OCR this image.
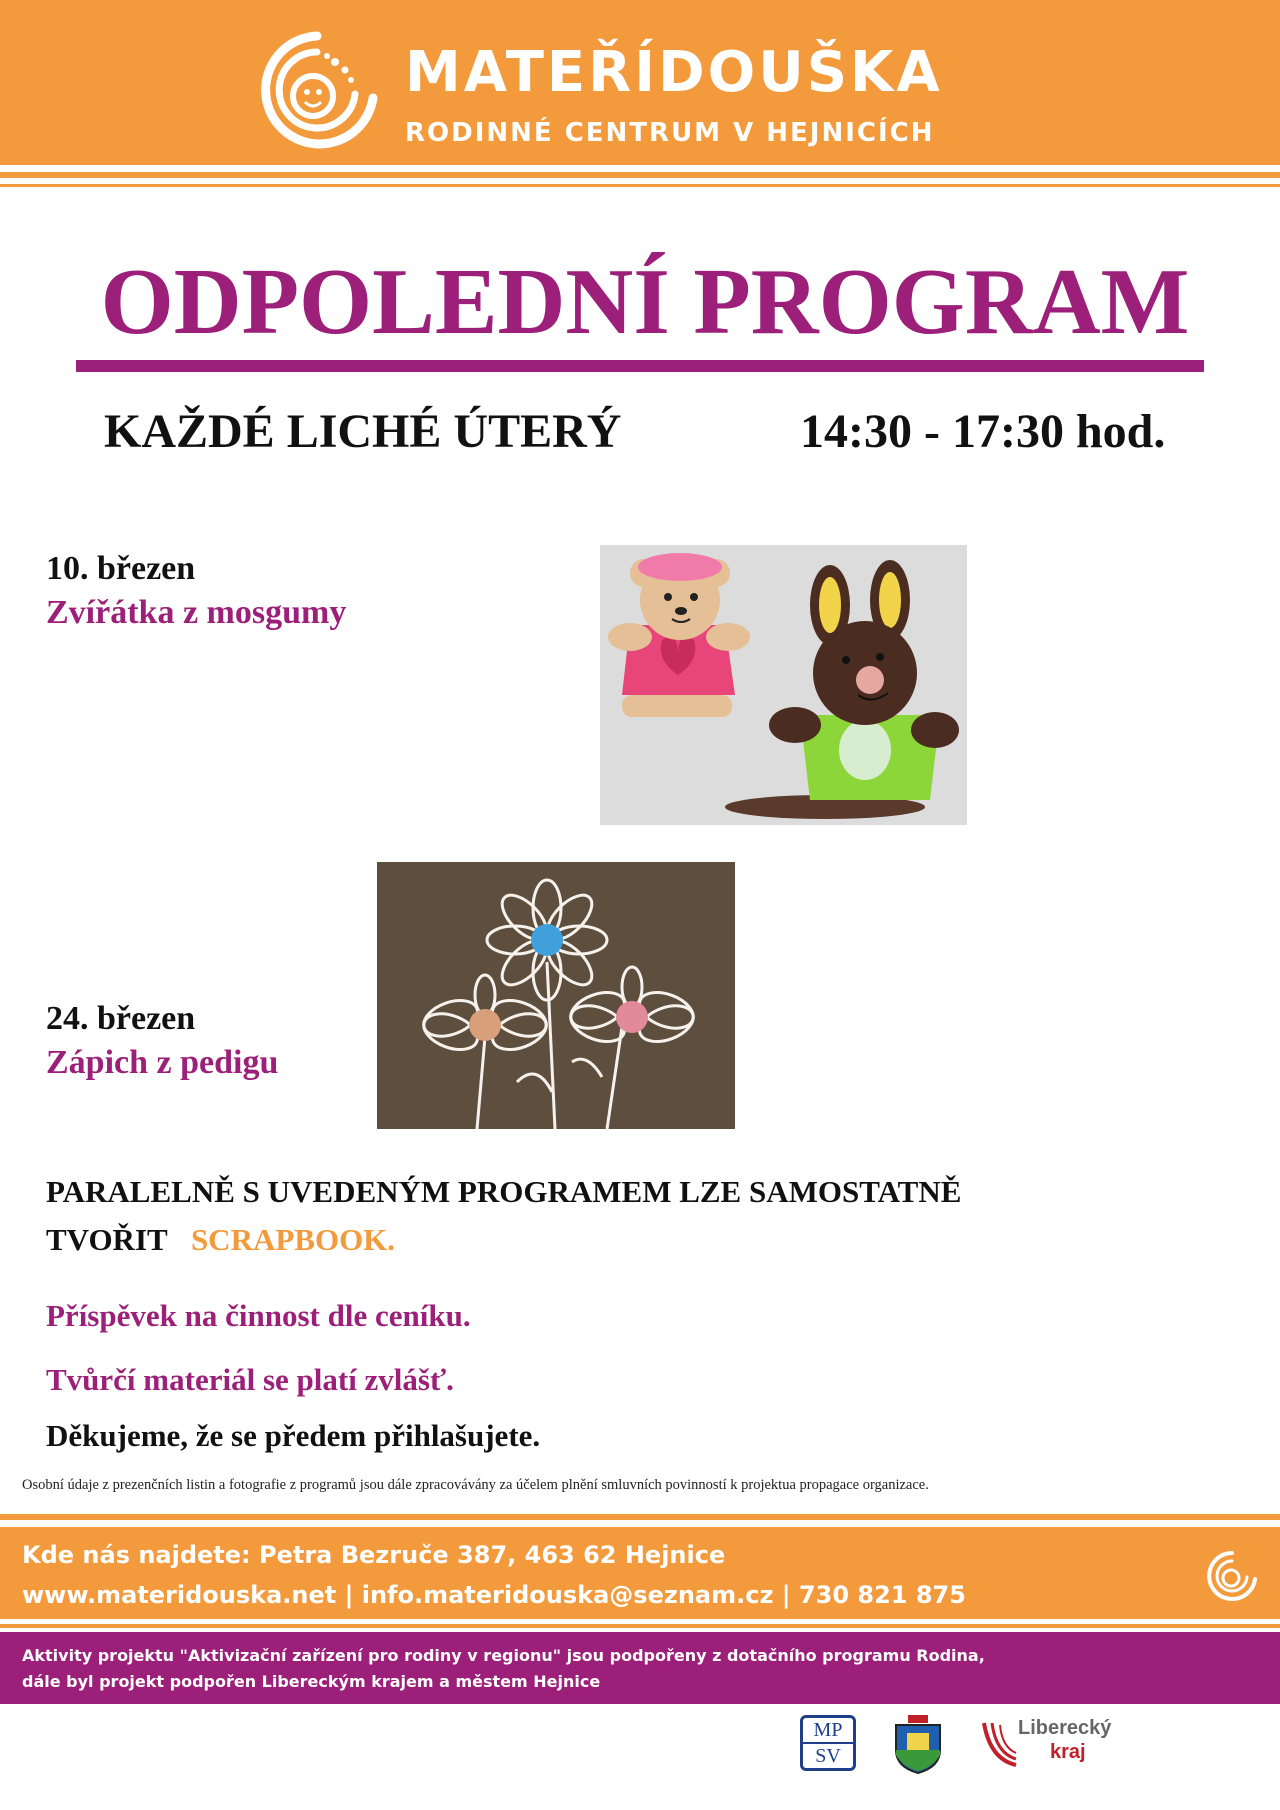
MATEŘÍDOUŠKA
RODINNÉ CENTRUM V HEJNICÍCH
ODPOLEDNÍ PROGRAM
KAŽDÉ LICHÉ ÚTERÝ	14:30 - 17:30 hod.
10. březen
Zvířátka z mosgumy
24. březen
Zápich z pedigu
PARALELNĚ S UVEDENÝM PROGRAMEM LZE SAMOSTATNĚ
TVOŘIT SCRAPBOOK.
Příspěvek na činnost dle ceníku.
Tvůrčí materiál se platí zvlášť.
Děkujeme, že se předem přihlašujete.
Osobní údaje z prezenčních listin a fotografie z programů jsou dále zpracovávány za účelem plnění smluvních povinností k projektua propagace organizace.
Kde nás najdete: Petra Bezruče 387, 463 62 Hejnice
www.materidouska.net | info.materidouska@seznam.cz | 730 821 875
Aktivity projektu "Aktivizační zařízení pro rodiny v regionu" jsou podpořeny z dotačního programu Rodina,
dále byl projekt podpořen Libereckým krajem a městem Hejnice
MP
SV
Liberecký
kraj
